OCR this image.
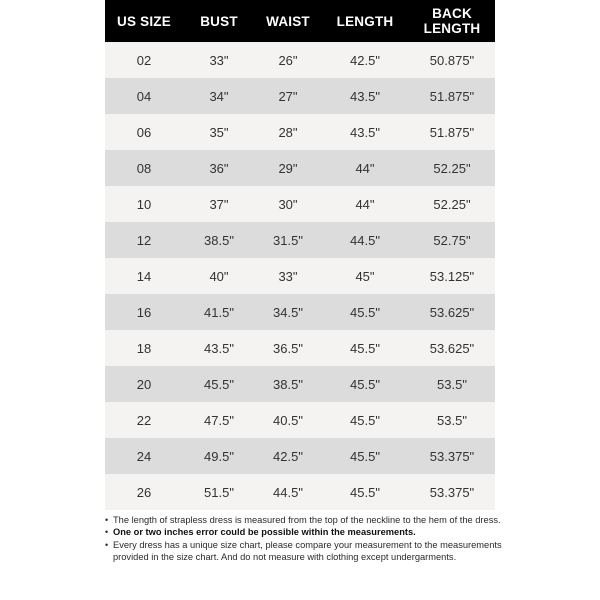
US SIZE	BUST	WAIST	LENGTH	BACK
LENGTH
02	33"	26"	42.5"	50.875"
04	34"	27"	43.5"	51.875"
06	35"	28"	43.5"	51.875"
08	36"	29"	44"	52.25"
10	37"	30"	44"	52.25"
12	38.5"	31.5"	44.5"	52.75"
14	40"	33"	45"	53.125"
16	41.5"	34.5"	45.5"	53.625"
18	43.5"	36.5"	45.5"	53.625"
20	45.5"	38.5"	45.5"	53.5"
22	47.5"	40.5"	45.5"	53.5"
24	49.5"	42.5"	45.5"	53.375"
26	51.5"	44.5"	45.5"	53.375"
• The length of strapless dress is measured from the top of the neckline to the hem of the dress.
• One or two inches error could be possible within the measurements.
• Every dress has a unique size chart, please compare your measurement to the measurements provided in the size chart. And do not measure with clothing except undergarments.
